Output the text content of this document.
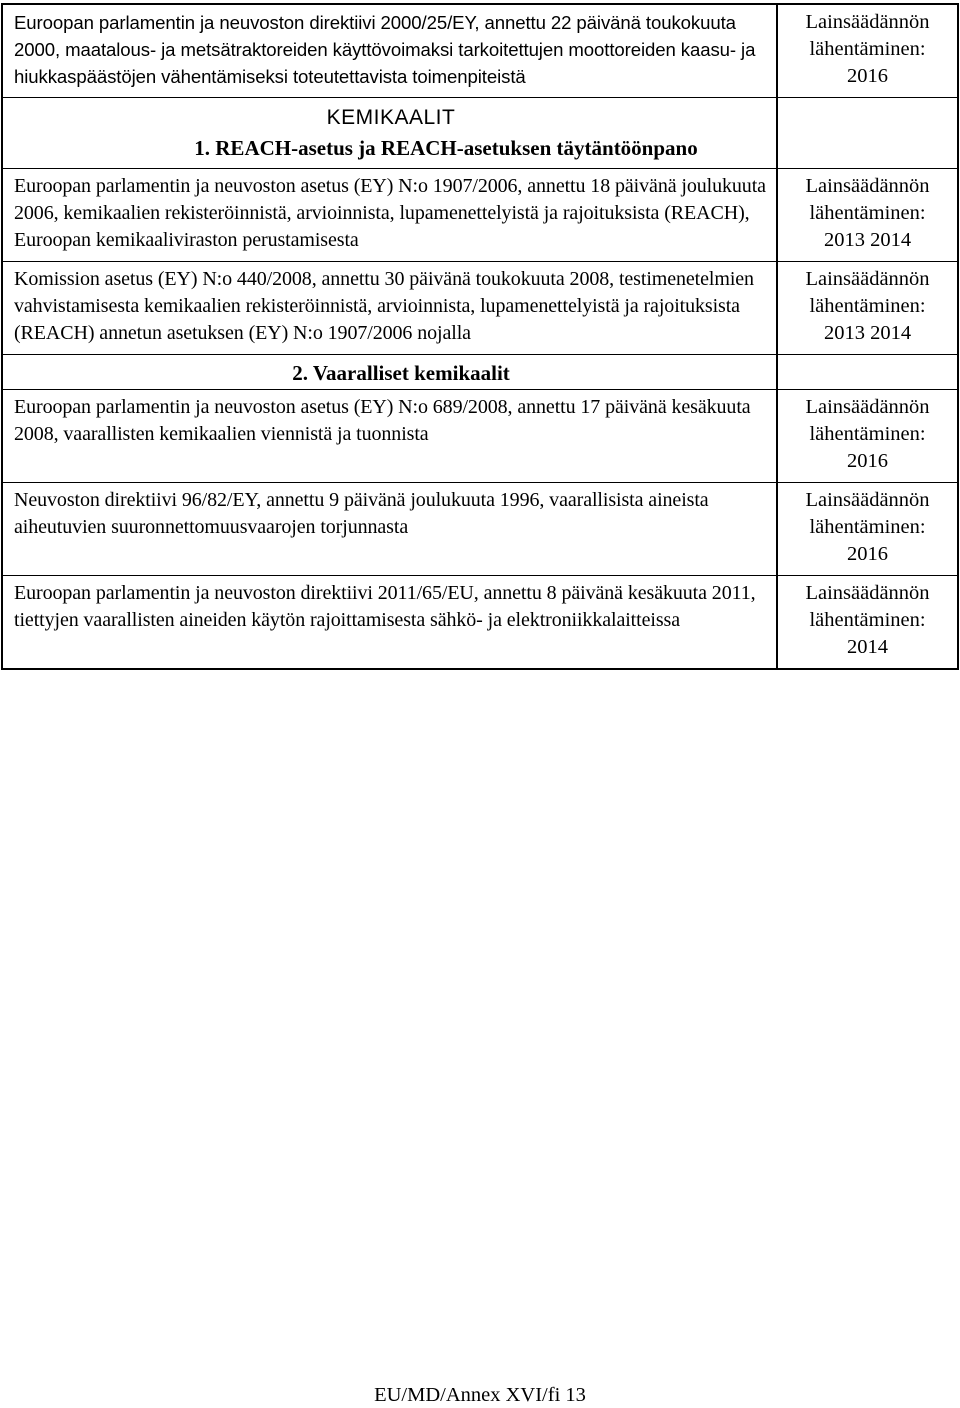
Euroopan parlamentin ja neuvoston direktiivi 2000/25/EY, annettu 22 päivänä toukokuuta 2000, maatalous- ja metsätraktoreiden käyttövoimaksi tarkoitettujen moottoreiden kaasu- ja hiukkaspäästöjen vähentämiseksi toteutettavista toimenpiteistä
Lainsäädännön
lähentäminen:
2016
KEMIKAALIT
1. REACH-asetus ja REACH-asetuksen täytäntöönpano
Euroopan parlamentin ja neuvoston asetus (EY) N:o 1907/2006, annettu 18 päivänä joulukuuta 2006, kemikaalien rekisteröinnistä, arvioinnista, lupamenettelyistä ja rajoituksista (REACH), Euroopan kemikaaliviraston perustamisesta
Lainsäädännön
lähentäminen:
2013 2014
Komission asetus (EY) N:o 440/2008, annettu 30 päivänä toukokuuta 2008, testimenetelmien vahvistamisesta kemikaalien rekisteröinnistä, arvioinnista, lupamenettelyistä ja rajoituksista (REACH) annetun asetuksen (EY) N:o 1907/2006 nojalla
Lainsäädännön
lähentäminen:
2013 2014
2. Vaaralliset kemikaalit
Euroopan parlamentin ja neuvoston asetus (EY) N:o 689/2008, annettu 17 päivänä kesäkuuta 2008, vaarallisten kemikaalien viennistä ja tuonnista
Lainsäädännön
lähentäminen:
2016
Neuvoston direktiivi 96/82/EY, annettu 9 päivänä joulukuuta 1996, vaarallisista aineista aiheutuvien suuronnettomuusvaarojen torjunnasta
Lainsäädännön
lähentäminen:
2016
Euroopan parlamentin ja neuvoston direktiivi 2011/65/EU, annettu 8 päivänä kesäkuuta 2011, tiettyjen vaarallisten aineiden käytön rajoittamisesta sähkö- ja elektroniikkalaitteissa
Lainsäädännön
lähentäminen:
2014
EU/MD/Annex XVI/fi 13
